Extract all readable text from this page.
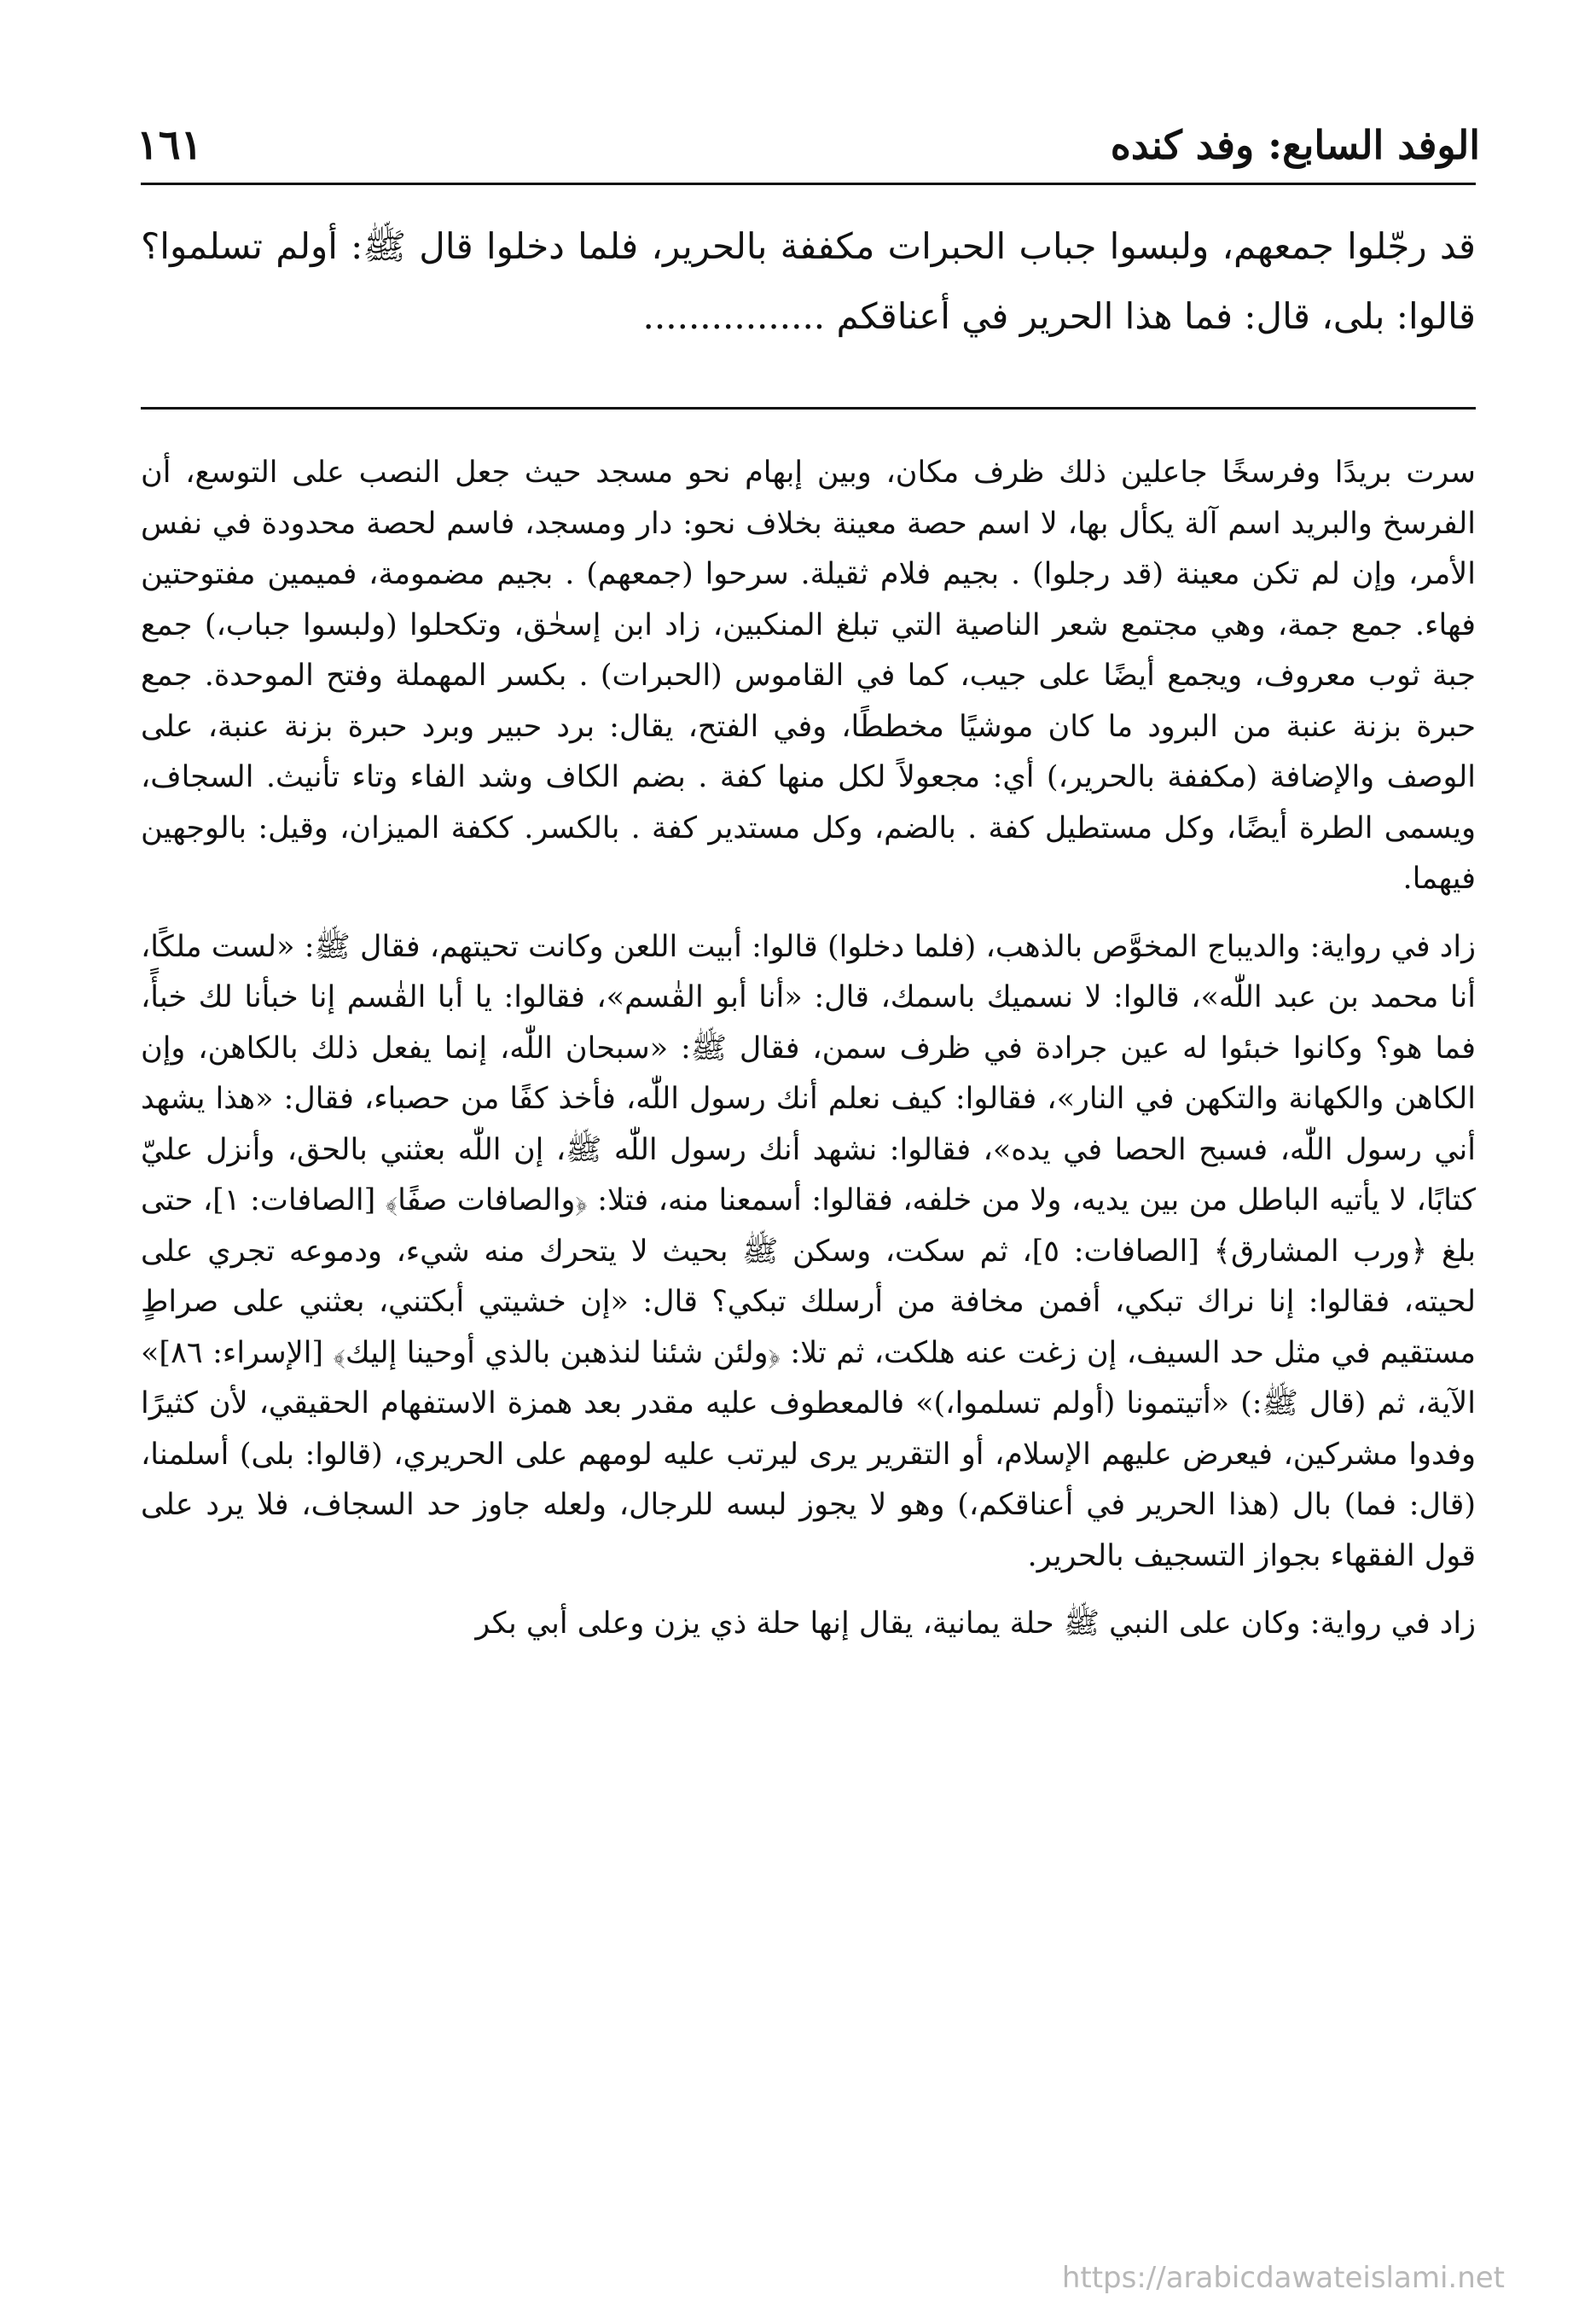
الوفد السابع: وفد كنده
١٦١
قد رجّلوا جمعهم، ولبسوا جباب الحبرات مكففة بالحرير، فلما دخلوا قال ﷺ: أولم تسلموا؟ قالوا: بلى، قال: فما هذا الحرير في أعناقكم ................

سرت بريدًا وفرسخًا جاعلين ذلك ظرف مكان، وبين إبهام نحو مسجد حيث جعل النصب على التوسع، أن الفرسخ والبريد اسم آلة يكأل بها، لا اسم حصة معينة بخلاف نحو: دار ومسجد، فاسم لحصة محدودة في نفس الأمر، وإن لم تكن معينة (قد رجلوا) . بجيم فلام ثقيلة. سرحوا (جمعهم) . بجيم مضمومة، فميمين مفتوحتين فهاء. جمع جمة، وهي مجتمع شعر الناصية التي تبلغ المنكبين، زاد ابن إسحٰق، وتكحلوا (ولبسوا جباب،) جمع جبة ثوب معروف، ويجمع أيضًا على جيب، كما في القاموس (الحبرات) . بكسر المهملة وفتح الموحدة. جمع حبرة بزنة عنبة من البرود ما كان موشيًا مخططًا، وفي الفتح، يقال: برد حبير وبرد حبرة بزنة عنبة، على الوصف والإضافة (مكففة بالحرير،) أي: مجعولاً لكل منها كفة . بضم الكاف وشد الفاء وتاء تأنيث. السجاف، ويسمى الطرة أيضًا، وكل مستطيل كفة . بالضم، وكل مستدير كفة . بالكسر. ككفة الميزان، وقيل: بالوجهين فيهما.

زاد في رواية: والديباج المخوَّص بالذهب، (فلما دخلوا) قالوا: أبيت اللعن وكانت تحيتهم، فقال ﷺ: «لست ملكًا، أنا محمد بن عبد اللّٰه»، قالوا: لا نسميك باسمك، قال: «أنا أبو القٰسم»، فقالوا: يا أبا القٰسم إنا خبأنا لك خبأً، فما هو؟ وكانوا خبئوا له عين جرادة في ظرف سمن، فقال ﷺ: «سبحان اللّٰه، إنما يفعل ذلك بالكاهن، وإن الكاهن والكهانة والتكهن في النار»، فقالوا: كيف نعلم أنك رسول اللّٰه، فأخذ كفًا من حصباء، فقال: «هذا يشهد أني رسول اللّٰه، فسبح الحصا في يده»، فقالوا: نشهد أنك رسول اللّٰه ﷺ، إن اللّٰه بعثني بالحق، وأنزل عليّ كتابًا، لا يأتيه الباطل من بين يديه، ولا من خلفه، فقالوا: أسمعنا منه، فتلا: ﴿والصافات صفًا﴾ [الصافات: ١]، حتى بلغ ﴿ورب المشارق﴾ [الصافات: ٥]، ثم سكت، وسكن ﷺ بحيث لا يتحرك منه شيء، ودموعه تجري على لحيته، فقالوا: إنا نراك تبكي، أفمن مخافة من أرسلك تبكي؟ قال: «إن خشيتي أبكتني، بعثني على صراطٍ مستقيم في مثل حد السيف، إن زغت عنه هلكت، ثم تلا: ﴿ولئن شئنا لنذهبن بالذي أوحينا إليك﴾ [الإسراء: ٨٦]» الآية، ثم (قال ﷺ:) «أتيتمونا (أولم تسلموا،)» فالمعطوف عليه مقدر بعد همزة الاستفهام الحقيقي، لأن كثيرًا وفدوا مشركين، فيعرض عليهم الإسلام، أو التقرير يرى ليرتب عليه لومهم على الحريري، (قالوا: بلى) أسلمنا، (قال: فما) بال (هذا الحرير في أعناقكم،) وهو لا يجوز لبسه للرجال، ولعله جاوز حد السجاف، فلا يرد على قول الفقهاء بجواز التسجيف بالحرير.

زاد في رواية: وكان على النبي ﷺ حلة يمانية، يقال إنها حلة ذي يزن وعلى أبي بكر

https://arabicdawateislami.net
